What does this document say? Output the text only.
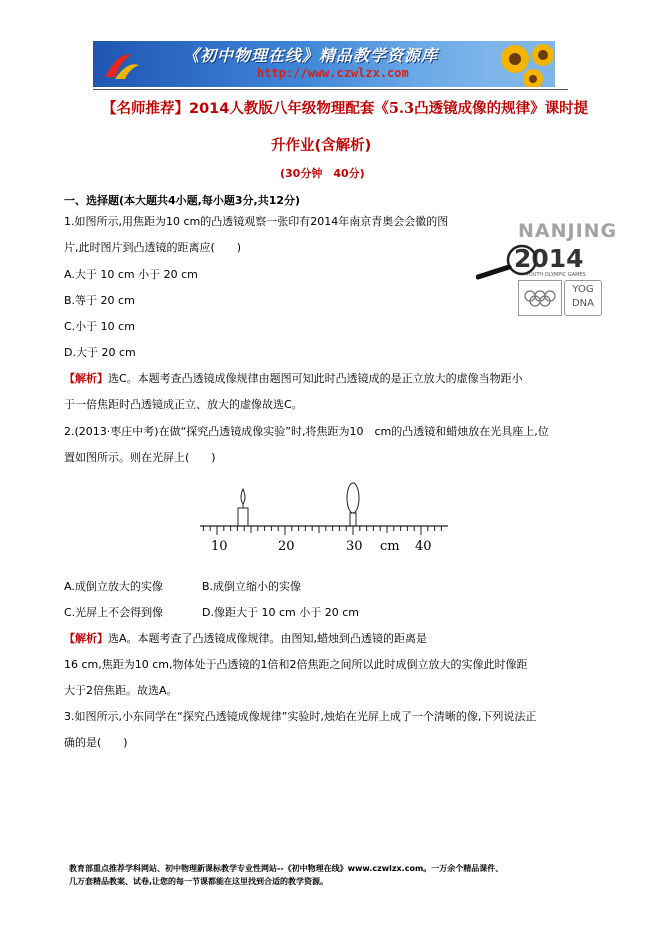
《初中物理在线》精品教学资源库
http://www.czwlzx.com
【名师推荐】2014人教版八年级物理配套《5.3凸透镜成像的规律》课时提
升作业(含解析)
(30分钟　40分)
一、选择题(本大题共4小题,每小题3分,共12分)
1.如图所示,用焦距为10 cm的凸透镜观察一张印有2014年南京青奥会会徽的图
片,此时图片到凸透镜的距离应(　　)
A.大于 10 cm 小于 20 cm
B.等于 20 cm
C.小于 10 cm
D.大于 20 cm
【解析】选C。本题考查凸透镜成像规律由题图可知此时凸透镜成的是正立放大的虚像当物距小
于一倍焦距时凸透镜成正立、放大的虚像故选C。
NANJING
2014
YOUTH OLYMPIC GAMES
YOG
DNA
2.(2013·枣庄中考)在做“探究凸透镜成像实验”时,将焦距为10　cm的凸透镜和蜡烛放在光具座上,位
置如图所示。则在光屏上(　　)
10	20	30 cm 40
A.成倒立放大的实像	B.成倒立缩小的实像
C.光屏上不会得到像	D.像距大于 10 cm 小于 20 cm
【解析】选A。本题考查了凸透镜成像规律。由图知,蜡烛到凸透镜的距离是
16 cm,焦距为10 cm,物体处于凸透镜的1倍和2倍焦距之间所以此时成倒立放大的实像此时像距
大于2倍焦距。故选A。
3.如图所示,小东同学在“探究凸透镜成像规律”实验时,烛焰在光屏上成了一个清晰的像,下列说法正
确的是(　　)
教育部重点推荐学科网站、初中物理新课标教学专业性网站--《初中物理在线》www.czwlzx.com。一万余个精品课件、
几万套精品教案、试卷,让您的每一节课都能在这里找到合适的教学资源。
